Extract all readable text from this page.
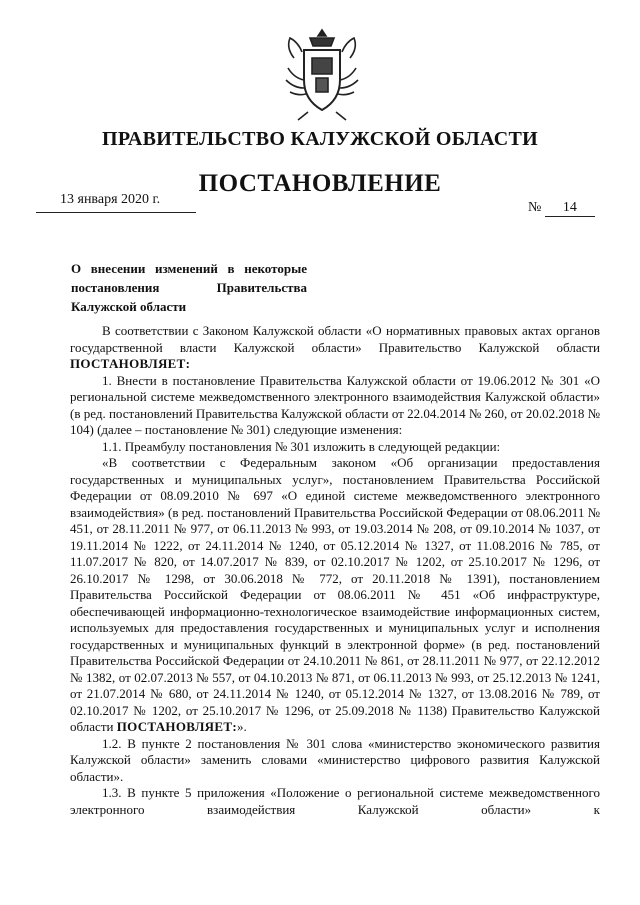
ПРАВИТЕЛЬСТВО КАЛУЖСКОЙ ОБЛАСТИ
ПОСТАНОВЛЕНИЕ
13 января 2020 г.
№ 14
О внесении изменений в некоторые
постановления	Правительства
Калужской области

В соответствии с Законом Калужской области «О нормативных правовых актах органов государственной власти Калужской области» Правительство Калужской области ПОСТАНОВЛЯЕТ:

1. Внести в постановление Правительства Калужской области от 19.06.2012 № 301 «О региональной системе межведомственного электронного взаимодействия Калужской области» (в ред. постановлений Правительства Калужской области от 22.04.2014 № 260, от 20.02.2018 № 104) (далее – постановление № 301) следующие изменения:

1.1. Преамбулу постановления № 301 изложить в следующей редакции:

«В соответствии с Федеральным законом «Об организации предоставления государственных и муниципальных услуг», постановлением Правительства Российской Федерации от 08.09.2010 № 697 «О единой системе межведомственного электронного взаимодействия» (в ред. постановлений Правительства Российской Федерации от 08.06.2011 № 451, от 28.11.2011 № 977, от 06.11.2013 № 993, от 19.03.2014 № 208, от 09.10.2014 № 1037, от 19.11.2014 № 1222, от 24.11.2014 № 1240, от 05.12.2014 № 1327, от 11.08.2016 № 785, от 11.07.2017 № 820, от 14.07.2017 № 839, от 02.10.2017 № 1202, от 25.10.2017 № 1296, от 26.10.2017 № 1298, от 30.06.2018 № 772, от 20.11.2018 № 1391), постановлением Правительства Российской Федерации от 08.06.2011 № 451 «Об инфраструктуре, обеспечивающей информационно-технологическое взаимодействие информационных систем, используемых для предоставления государственных и муниципальных услуг и исполнения государственных и муниципальных функций в электронной форме» (в ред. постановлений Правительства Российской Федерации от 24.10.2011 № 861, от 28.11.2011 № 977, от 22.12.2012 № 1382, от 02.07.2013 № 557, от 04.10.2013 № 871, от 06.11.2013 № 993, от 25.12.2013 № 1241, от 21.07.2014 № 680, от 24.11.2014 № 1240, от 05.12.2014 № 1327, от 13.08.2016 № 789, от 02.10.2017 № 1202, от 25.10.2017 № 1296, от 25.09.2018 № 1138) Правительство Калужской области ПОСТАНОВЛЯЕТ:».

1.2. В пункте 2 постановления № 301 слова «министерство экономического развития Калужской области» заменить словами «министерство цифрового развития Калужской области».

1.3. В пункте 5 приложения «Положение о региональной системе межведомственного электронного взаимодействия Калужской области» к
